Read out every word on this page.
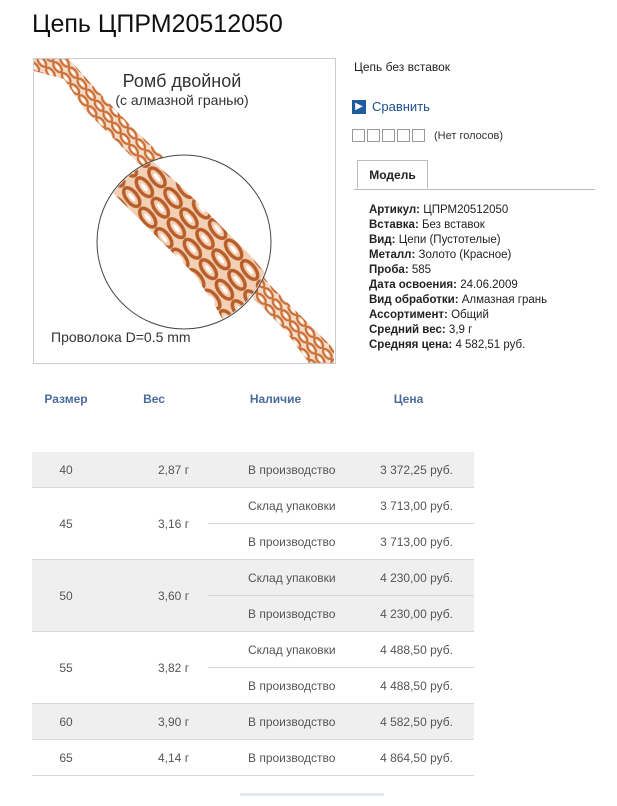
Цепь ЦПРМ20512050
Ромб двойной
(с алмазной гранью)
Проволока D=0.5 mm
Цепь без вставок
▶ Сравнить
(Нет голосов)
Модель
Артикул: ЦПРМ20512050
Вставка: Без вставок
Вид: Цепи (Пустотелые)
Металл: Золото (Красное)
Проба: 585
Дата освоения: 24.06.2009
Вид обработки: Алмазная грань
Ассортимент: Общий
Средний вес: 3,9 г
Средняя цена: 4 582,51 руб.
Размер	Вес	Наличие	Цена

40	2,87 г	В производство	3 372,25 руб.
45	3,16 г	Склад упаковки	3 713,00 руб.
		В производство	3 713,00 руб.
50	3,60 г	Склад упаковки	4 230,00 руб.
		В производство	4 230,00 руб.
55	3,82 г	Склад упаковки	4 488,50 руб.
		В производство	4 488,50 руб.
60	3,90 г	В производство	4 582,50 руб.
65	4,14 г	В производство	4 864,50 руб.
